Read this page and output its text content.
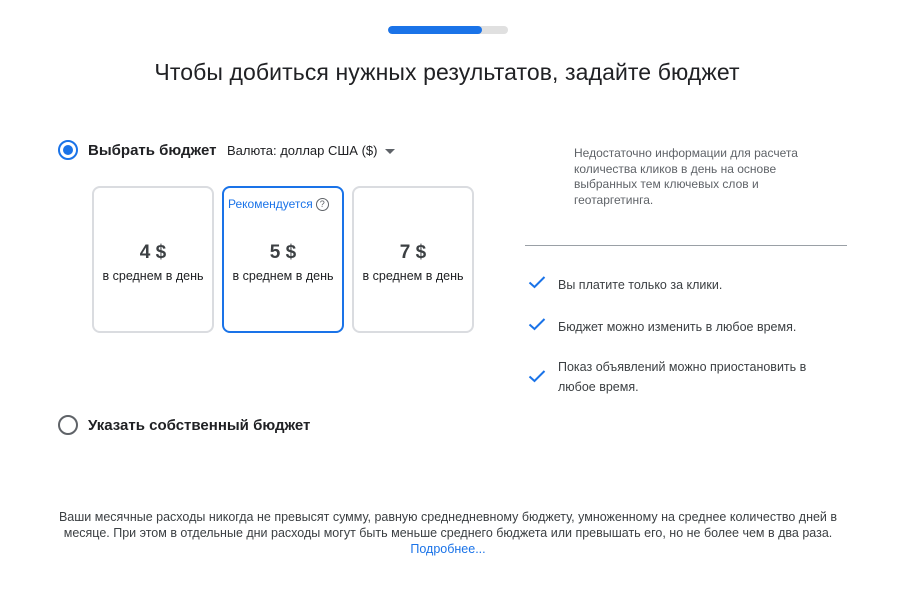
Чтобы добиться нужных результатов, задайте бюджет
Выбрать бюджет Валюта: доллар США ($)
4 $
в среднем в день
Рекомендуется ?
5 $
в среднем в день
7 $
в среднем в день
Недостаточно информации для расчета количества кликов в день на основе выбранных тем ключевых слов и геотаргетинга.
Вы платите только за клики.
Бюджет можно изменить в любое время.
Показ объявлений можно приостановить в любое время.
Указать собственный бюджет
Ваши месячные расходы никогда не превысят сумму, равную среднедневному бюджету, умноженному на среднее количество дней в месяце. При этом в отдельные дни расходы могут быть меньше среднего бюджета или превышать его, но не более чем в два раза. Подробнее...
